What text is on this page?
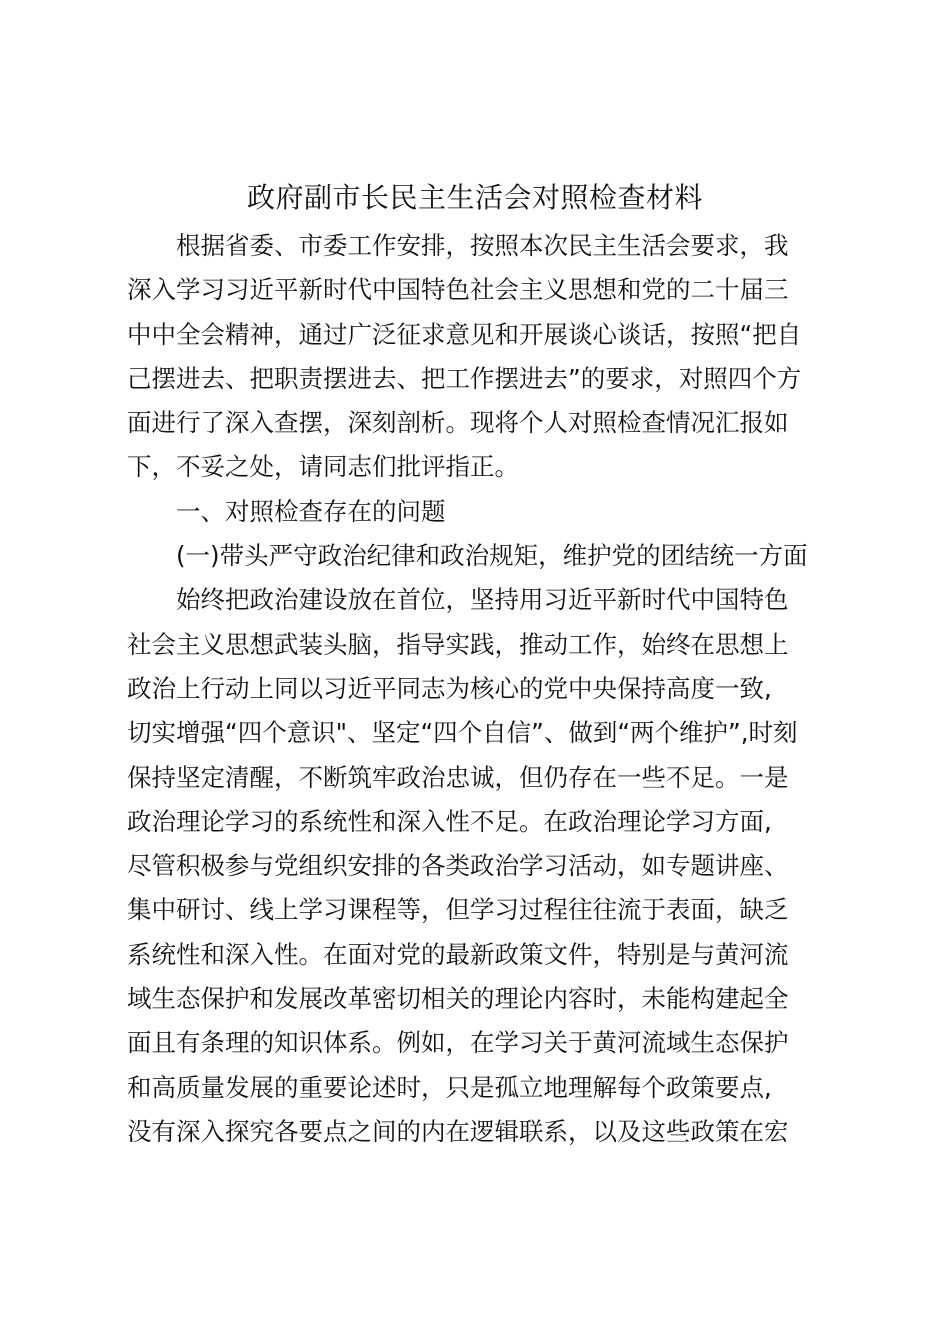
政府副市长民主生活会对照检查材料
根据省委、市委工作安排，按照本次民主生活会要求，我
深入学习习近平新时代中国特色社会主义思想和党的二十届三
中中全会精神，通过广泛征求意见和开展谈心谈话，按照“把自
己摆进去、把职责摆进去、把工作摆进去”的要求，对照四个方
面进行了深入查摆，深刻剖析。现将个人对照检查情况汇报如
下，不妥之处，请同志们批评指正。
一、对照检查存在的问题
(一)带头严守政治纪律和政治规矩，维护党的团结统一方面
始终把政治建设放在首位，坚持用习近平新时代中国特色
社会主义思想武装头脑，指导实践，推动工作，始终在思想上
政治上行动上同以习近平同志为核心的党中央保持高度一致,
切实增强“四个意识"、坚定“四个自信”、做到“两个维护”,时刻
保持坚定清醒，不断筑牢政治忠诚，但仍存在一些不足。一是
政治理论学习的系统性和深入性不足。在政治理论学习方面,
尽管积极参与党组织安排的各类政治学习活动，如专题讲座、
集中研讨、线上学习课程等，但学习过程往往流于表面，缺乏
系统性和深入性。在面对党的最新政策文件，特别是与黄河流
域生态保护和发展改革密切相关的理论内容时，未能构建起全
面且有条理的知识体系。例如，在学习关于黄河流域生态保护
和高质量发展的重要论述时，只是孤立地理解每个政策要点,
没有深入探究各要点之间的内在逻辑联系，以及这些政策在宏
